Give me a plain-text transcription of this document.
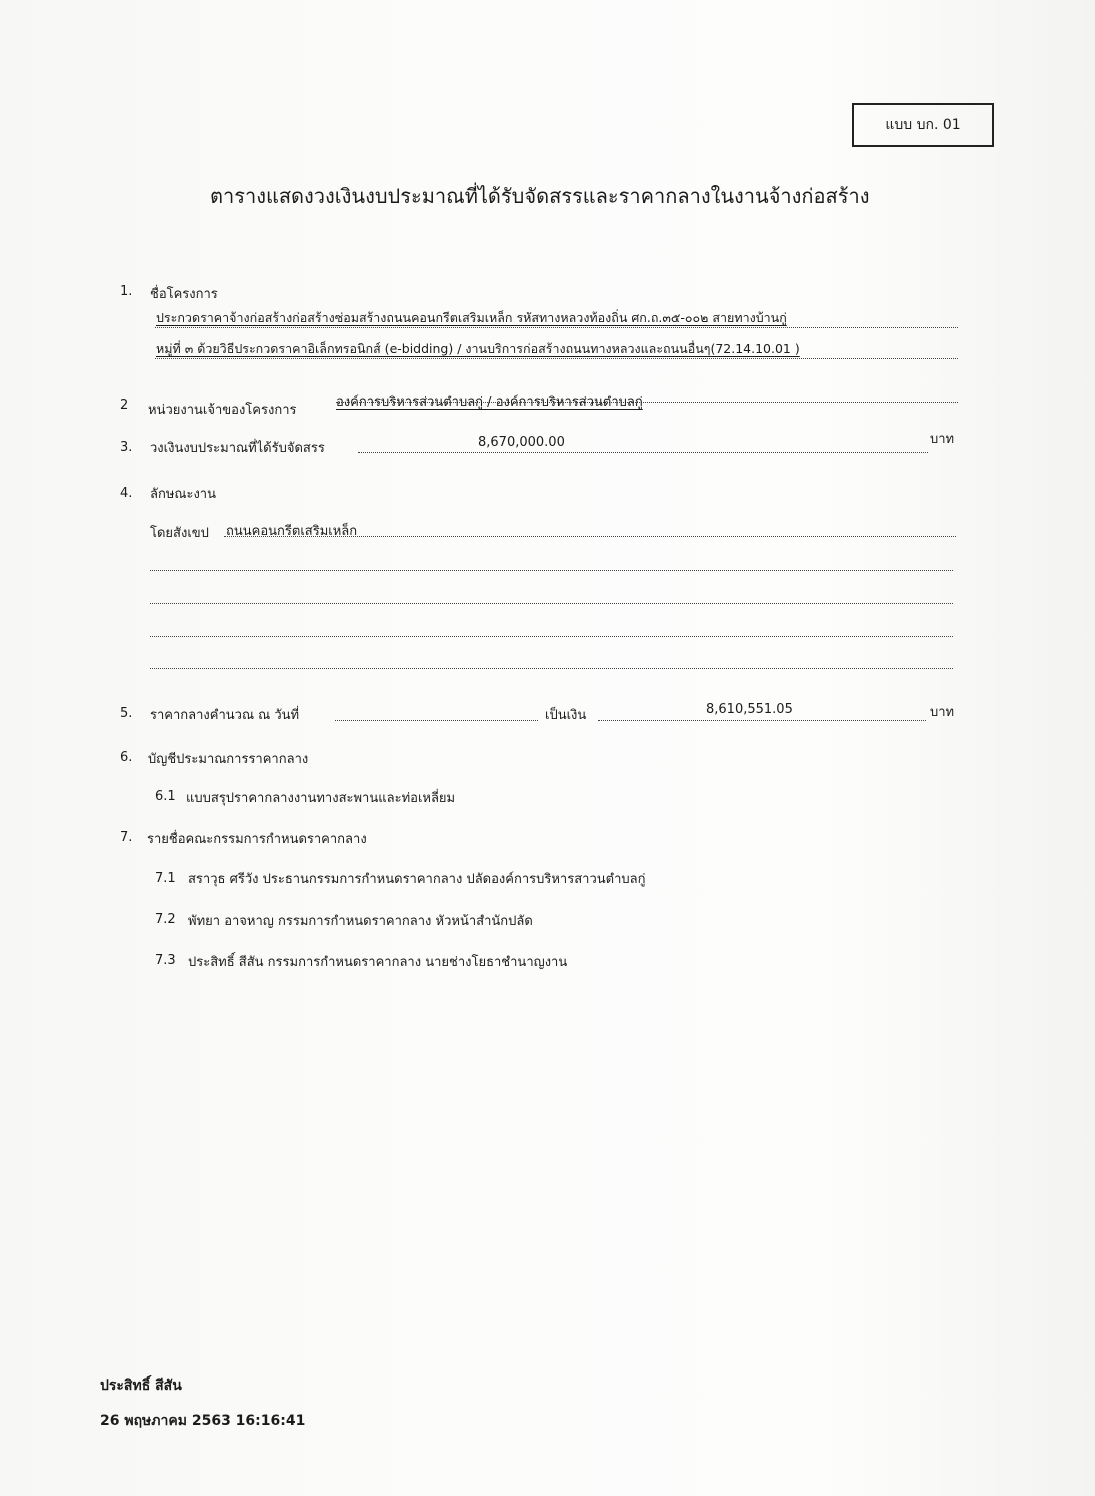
แบบ บก. 01
ตารางแสดงวงเงินงบประมาณที่ได้รับจัดสรรและราคากลางในงานจ้างก่อสร้าง
1. ชื่อโครงการ
ประกวดราคาจ้างก่อสร้างก่อสร้างซ่อมสร้างถนนคอนกรีตเสริมเหล็ก รหัสทางหลวงท้องถิ่น ศก.ถ.๓๕-๐๐๒ สายทางบ้านกู่
หมู่ที่ ๓ ด้วยวิธีประกวดราคาอิเล็กทรอนิกส์ (e-bidding) / งานบริการก่อสร้างถนนทางหลวงและถนนอื่นๆ(72.14.10.01 )
2 หน่วยงานเจ้าของโครงการ
องค์การบริหารส่วนตำบลกู่ / องค์การบริหารส่วนตำบลกู่
3. วงเงินงบประมาณที่ได้รับจัดสรร	8,670,000.00	บาท
4. ลักษณะงาน
โดยสังเขป ถนนคอนกรีตเสริมเหล็ก
5. ราคากลางคำนวณ ณ วันที่	เป็นเงิน	8,610,551.05	บาท
6. บัญชีประมาณการราคากลาง
6.1 แบบสรุปราคากลางงานทางสะพานและท่อเหลี่ยม
7. รายชื่อคณะกรรมการกำหนดราคากลาง
7.1 สราวุธ ศรีวัง ประธานกรรมการกำหนดราคากลาง ปลัดองค์การบริหารสาวนตำบลกู่
7.2 พัทยา อาจหาญ กรรมการกำหนดราคากลาง หัวหน้าสำนักปลัด
7.3 ประสิทธิ์ สีสัน กรรมการกำหนดราคากลาง นายช่างโยธาชำนาญงาน
ประสิทธิ์ สีสัน
26 พฤษภาคม 2563 16:16:41
